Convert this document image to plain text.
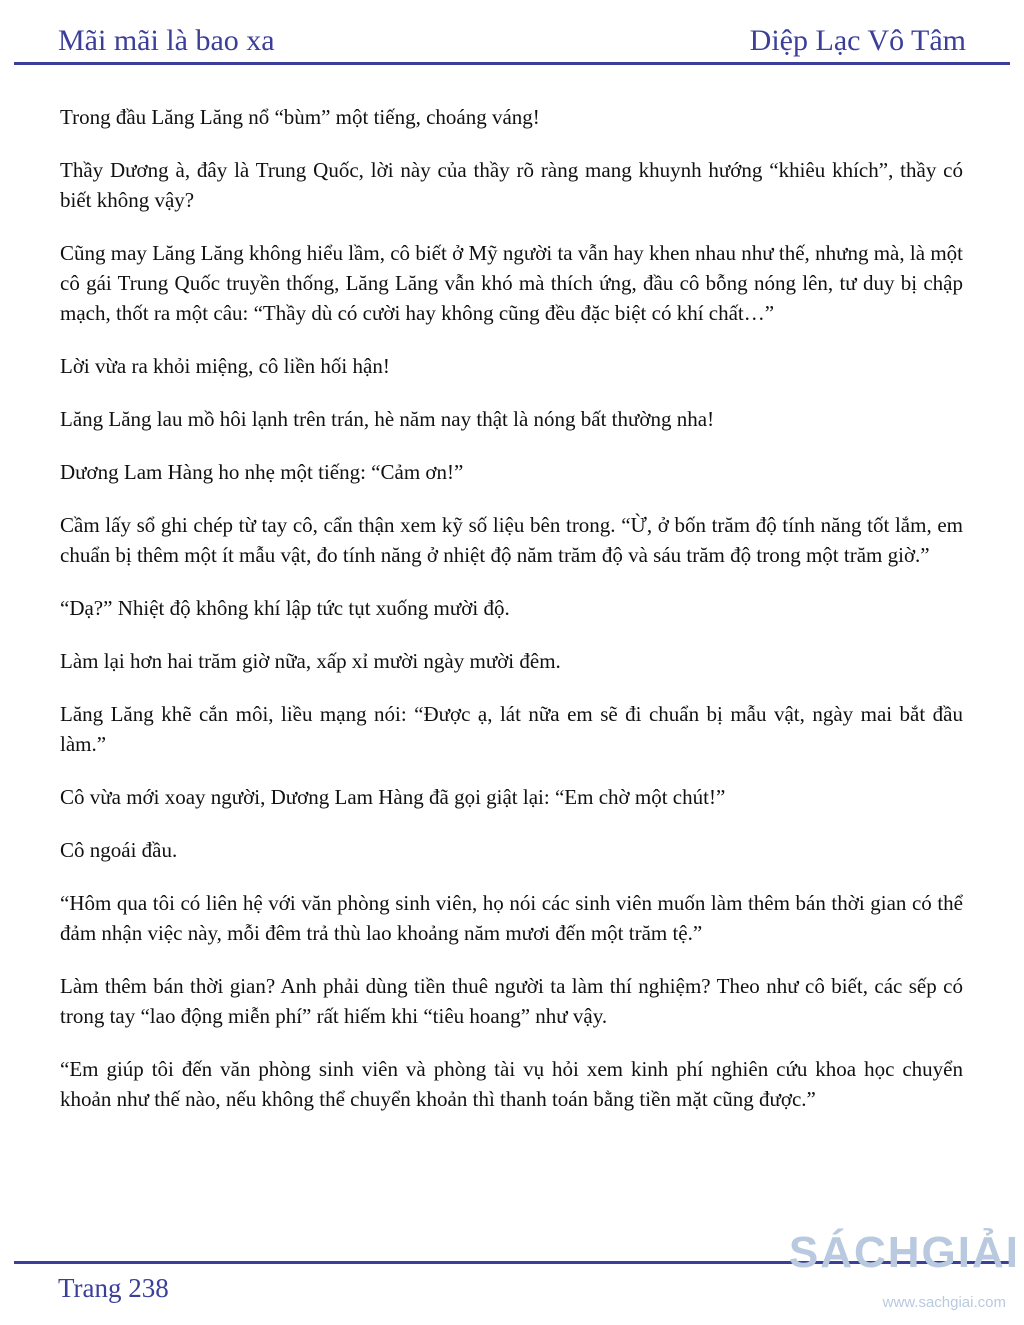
Mãi mãi là bao xa	Diệp Lạc Vô Tâm

Trong đầu Lăng Lăng nổ “bùm” một tiếng, choáng váng!

Thầy Dương à, đây là Trung Quốc, lời này của thầy rõ ràng mang khuynh hướng “khiêu khích”, thầy có biết không vậy?

Cũng may Lăng Lăng không hiểu lầm, cô biết ở Mỹ người ta vẫn hay khen nhau như thế, nhưng mà, là một cô gái Trung Quốc truyền thống, Lăng Lăng vẫn khó mà thích ứng, đầu cô bỗng nóng lên, tư duy bị chập mạch, thốt ra một câu: “Thầy dù có cười hay không cũng đều đặc biệt có khí chất…”

Lời vừa ra khỏi miệng, cô liền hối hận!

Lăng Lăng lau mồ hôi lạnh trên trán, hè năm nay thật là nóng bất thường nha!

Dương Lam Hàng ho nhẹ một tiếng: “Cảm ơn!”

Cầm lấy sổ ghi chép từ tay cô, cẩn thận xem kỹ số liệu bên trong. “Ừ, ở bốn trăm độ tính năng tốt lắm, em chuẩn bị thêm một ít mẫu vật, đo tính năng ở nhiệt độ năm trăm độ và sáu trăm độ trong một trăm giờ.”

“Dạ?” Nhiệt độ không khí lập tức tụt xuống mười độ.

Làm lại hơn hai trăm giờ nữa, xấp xỉ mười ngày mười đêm.

Lăng Lăng khẽ cắn môi, liều mạng nói: “Được ạ, lát nữa em sẽ đi chuẩn bị mẫu vật, ngày mai bắt đầu làm.”

Cô vừa mới xoay người, Dương Lam Hàng đã gọi giật lại: “Em chờ một chút!”

Cô ngoái đầu.

“Hôm qua tôi có liên hệ với văn phòng sinh viên, họ nói các sinh viên muốn làm thêm bán thời gian có thể đảm nhận việc này, mỗi đêm trả thù lao khoảng năm mươi đến một trăm tệ.”

Làm thêm bán thời gian? Anh phải dùng tiền thuê người ta làm thí nghiệm? Theo như cô biết, các sếp có trong tay “lao động miễn phí” rất hiếm khi “tiêu hoang” như vậy.

“Em giúp tôi đến văn phòng sinh viên và phòng tài vụ hỏi xem kinh phí nghiên cứu khoa học chuyển khoản như thế nào, nếu không thể chuyển khoản thì thanh toán bằng tiền mặt cũng được.”

Trang 238
SÁCHGIẢI
www.sachgiai.com
